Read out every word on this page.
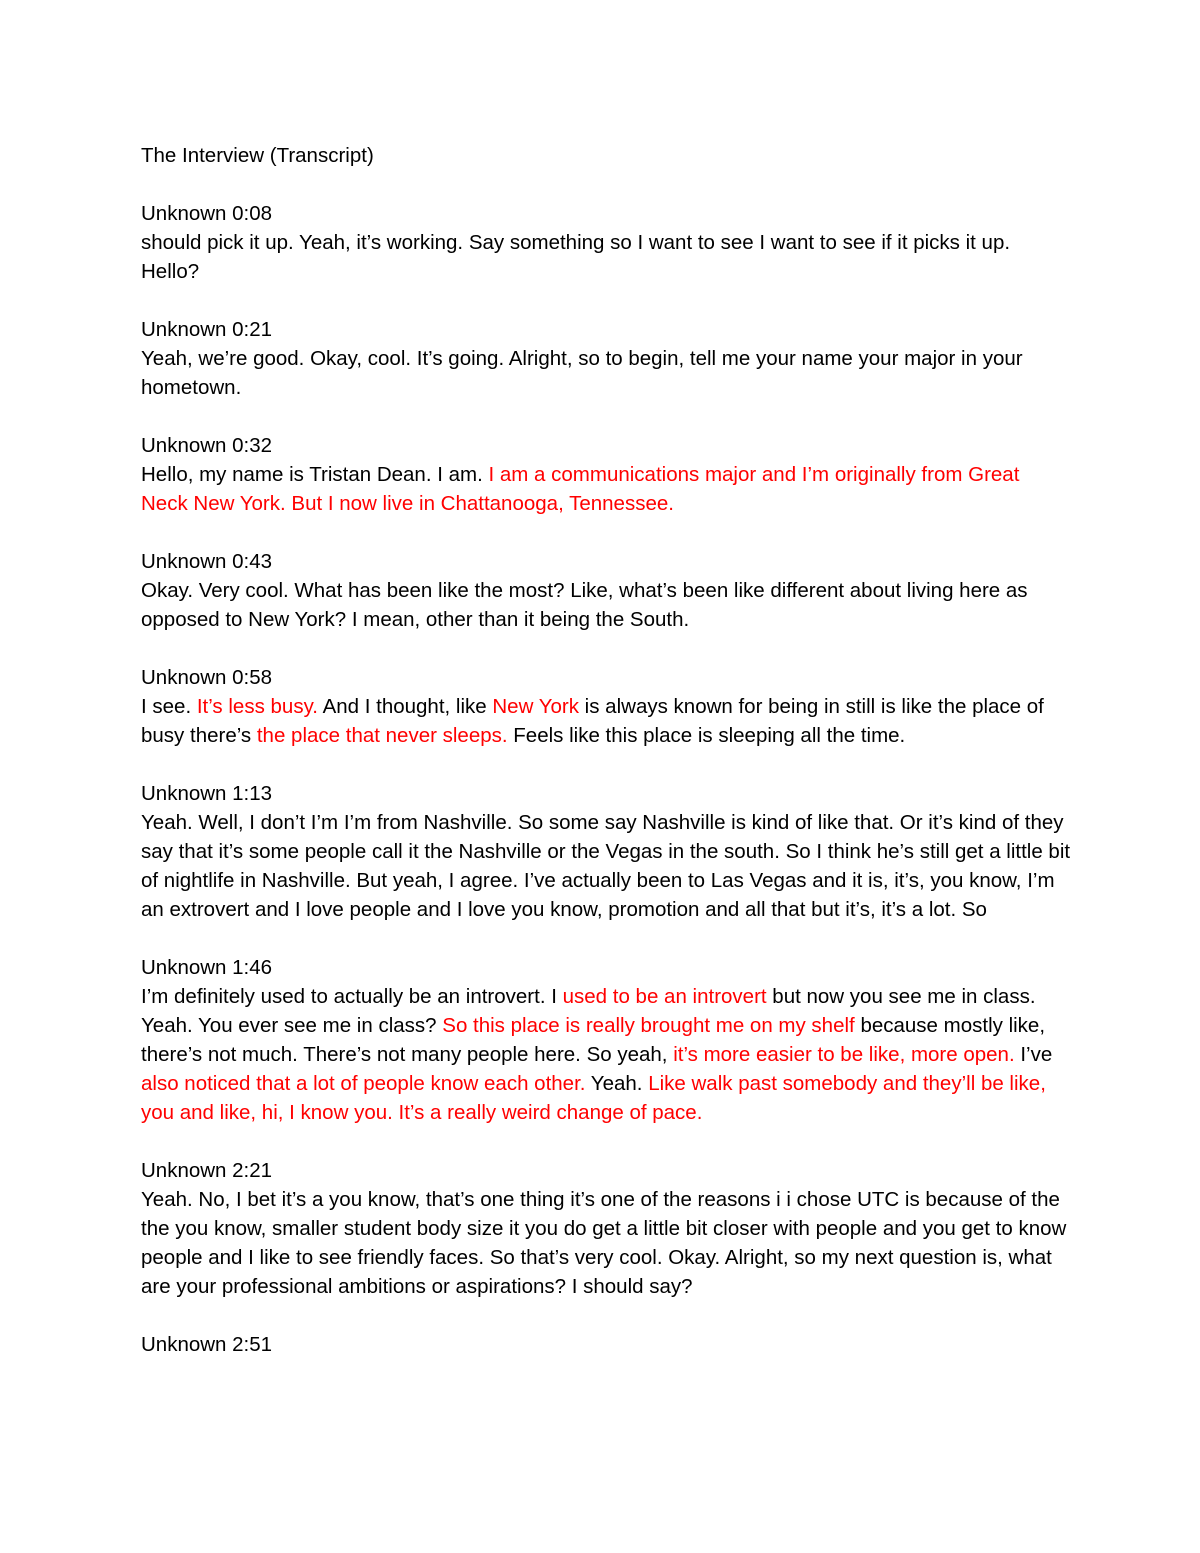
The Interview (Transcript)
Unknown 0:08
should pick it up. Yeah, it’s working. Say something so I want to see I want to see if it picks it up. Hello?
Unknown 0:21
Yeah, we’re good. Okay, cool. It’s going. Alright, so to begin, tell me your name your major in your hometown.
Unknown 0:32
Hello, my name is Tristan Dean. I am. I am a communications major and I’m originally from Great Neck New York. But I now live in Chattanooga, Tennessee.
Unknown 0:43
Okay. Very cool. What has been like the most? Like, what’s been like different about living here as opposed to New York? I mean, other than it being the South.
Unknown 0:58
I see. It’s less busy. And I thought, like New York is always known for being in still is like the place of busy there’s the place that never sleeps. Feels like this place is sleeping all the time.
Unknown 1:13
Yeah. Well, I don’t I’m I’m from Nashville. So some say Nashville is kind of like that. Or it’s kind of they say that it’s some people call it the Nashville or the Vegas in the south. So I think he’s still get a little bit of nightlife in Nashville. But yeah, I agree. I’ve actually been to Las Vegas and it is, it’s, you know, I’m an extrovert and I love people and I love you know, promotion and all that but it’s, it’s a lot. So
Unknown 1:46
I’m definitely used to actually be an introvert. I used to be an introvert but now you see me in class. Yeah. You ever see me in class? So this place is really brought me on my shelf because mostly like, there’s not much. There’s not many people here. So yeah, it’s more easier to be like, more open. I’ve also noticed that a lot of people know each other. Yeah. Like walk past somebody and they’ll be like, you and like, hi, I know you. It’s a really weird change of pace.
Unknown 2:21
Yeah. No, I bet it’s a you know, that’s one thing it’s one of the reasons i i chose UTC is because of the the you know, smaller student body size it you do get a little bit closer with people and you get to know people and I like to see friendly faces. So that’s very cool. Okay. Alright, so my next question is, what are your professional ambitions or aspirations? I should say?
Unknown 2:51
